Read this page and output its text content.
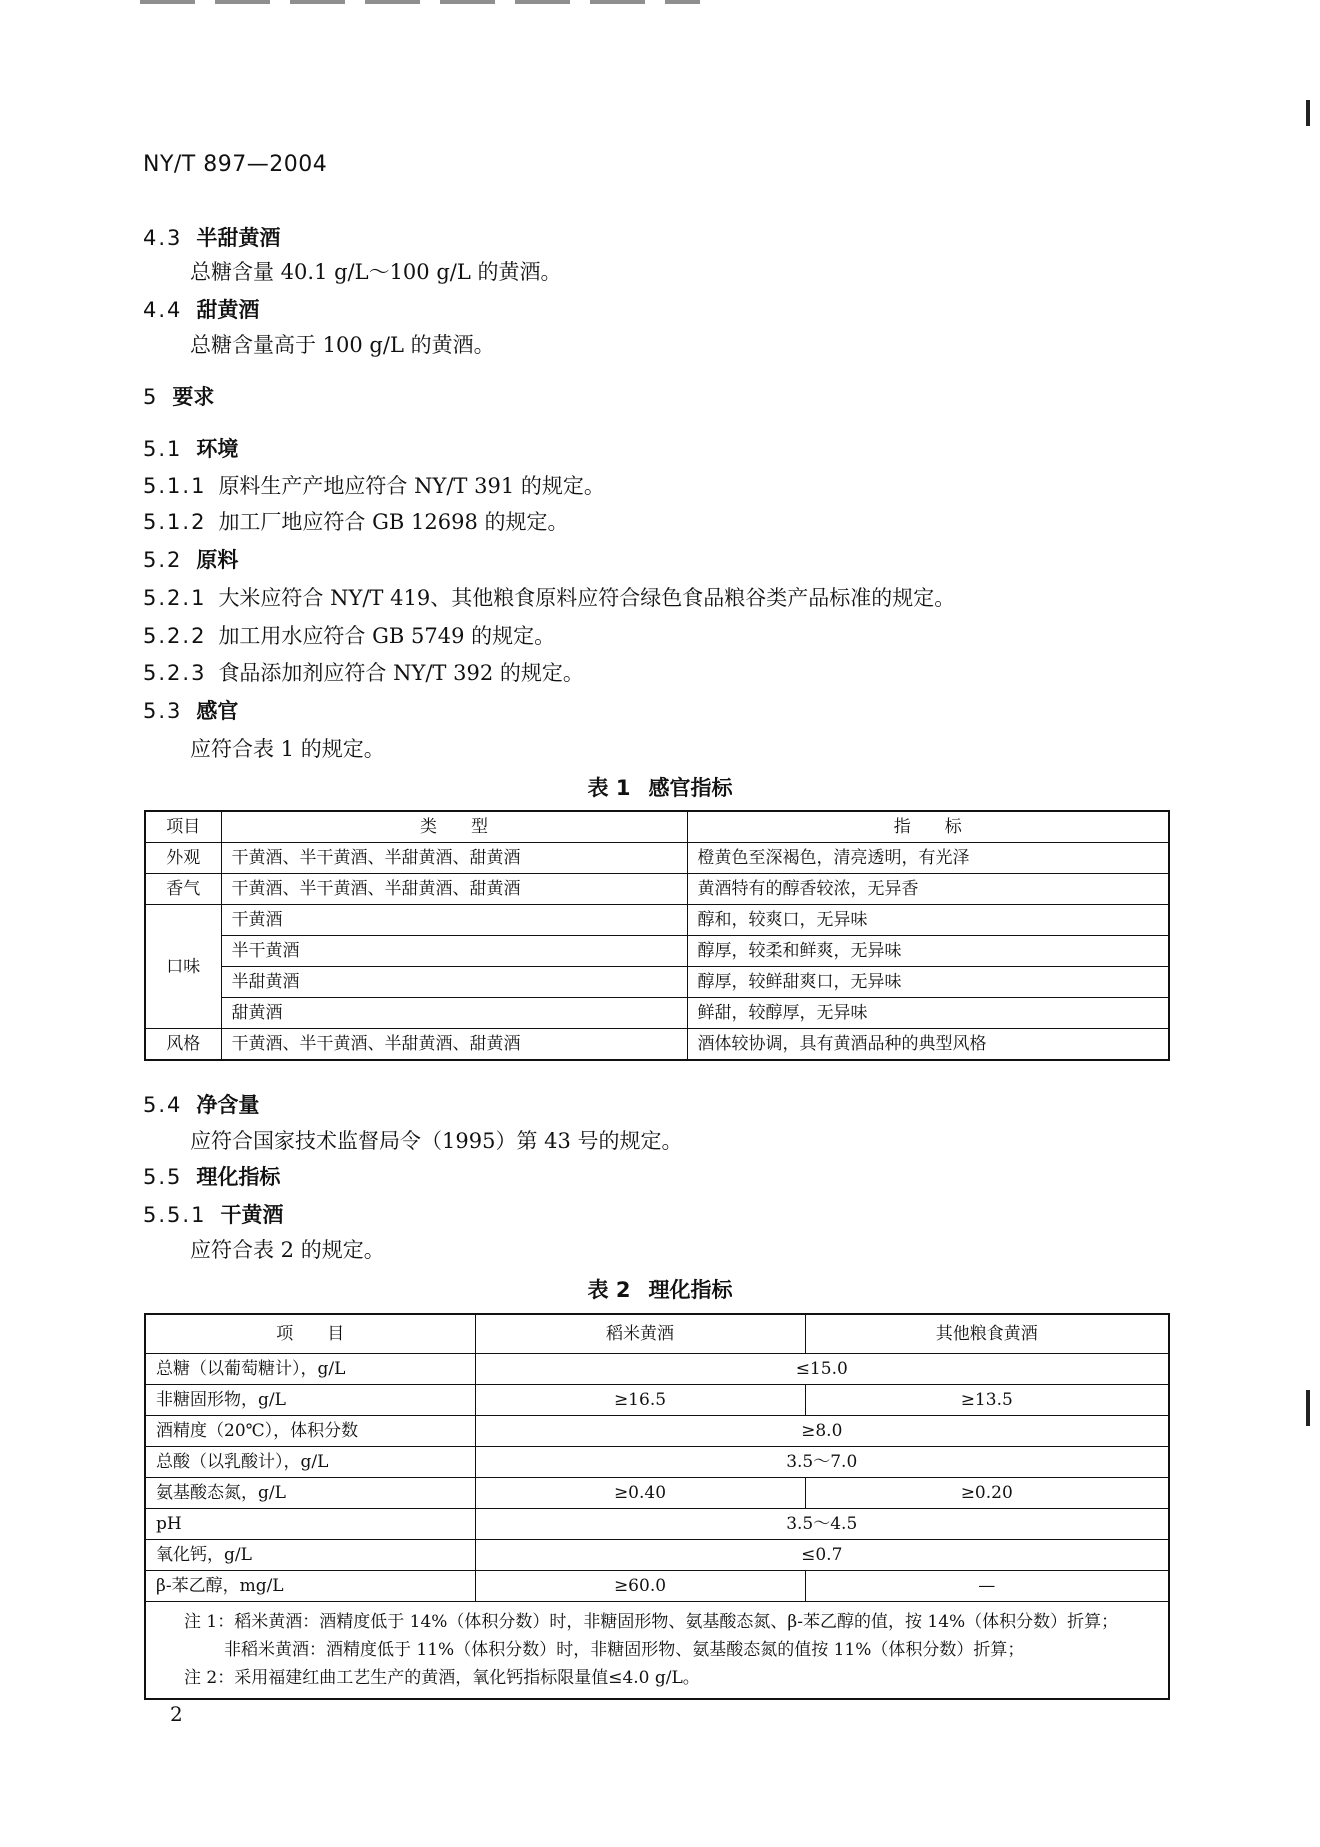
NY/T 897—2004
4.3 半甜黄酒
总糖含量 40.1 g/L～100 g/L 的黄酒。
4.4 甜黄酒
总糖含量高于 100 g/L 的黄酒。
5 要求
5.1 环境
5.1.1 原料生产产地应符合 NY/T 391 的规定。
5.1.2 加工厂地应符合 GB 12698 的规定。
5.2 原料
5.2.1 大米应符合 NY/T 419、其他粮食原料应符合绿色食品粮谷类产品标准的规定。
5.2.2 加工用水应符合 GB 5749 的规定。
5.2.3 食品添加剂应符合 NY/T 392 的规定。
5.3 感官
应符合表 1 的规定。
表 1 感官指标
项目	类　　型	指　　标
外观	干黄酒、半干黄酒、半甜黄酒、甜黄酒	橙黄色至深褐色，清亮透明，有光泽
香气	干黄酒、半干黄酒、半甜黄酒、甜黄酒	黄酒特有的醇香较浓，无异香
口味	干黄酒	醇和，较爽口，无异味
	半干黄酒	醇厚，较柔和鲜爽，无异味
	半甜黄酒	醇厚，较鲜甜爽口，无异味
	甜黄酒	鲜甜，较醇厚，无异味
风格	干黄酒、半干黄酒、半甜黄酒、甜黄酒	酒体较协调，具有黄酒品种的典型风格
5.4 净含量
应符合国家技术监督局令（1995）第 43 号的规定。
5.5 理化指标
5.5.1 干黄酒
应符合表 2 的规定。
表 2 理化指标
项　　目	稻米黄酒	其他粮食黄酒
总糖（以葡萄糖计），g/L	≤15.0	
非糖固形物，g/L	≥16.5	≥13.5
酒精度（20℃），体积分数	≥8.0	
总酸（以乳酸计），g/L	3.5～7.0	
氨基酸态氮，g/L	≥0.40	≥0.20
pH	3.5～4.5	
氧化钙，g/L	≤0.7	
β-苯乙醇，mg/L	≥60.0	—

注 1：稻米黄酒：酒精度低于 14%（体积分数）时，非糖固形物、氨基酸态氮、β-苯乙醇的值，按 14%（体积分数）折算；
非稻米黄酒：酒精度低于 11%（体积分数）时，非糖固形物、氨基酸态氮的值按 11%（体积分数）折算；
注 2：采用福建红曲工艺生产的黄酒，氧化钙指标限量值≤4.0 g/L。		
2
